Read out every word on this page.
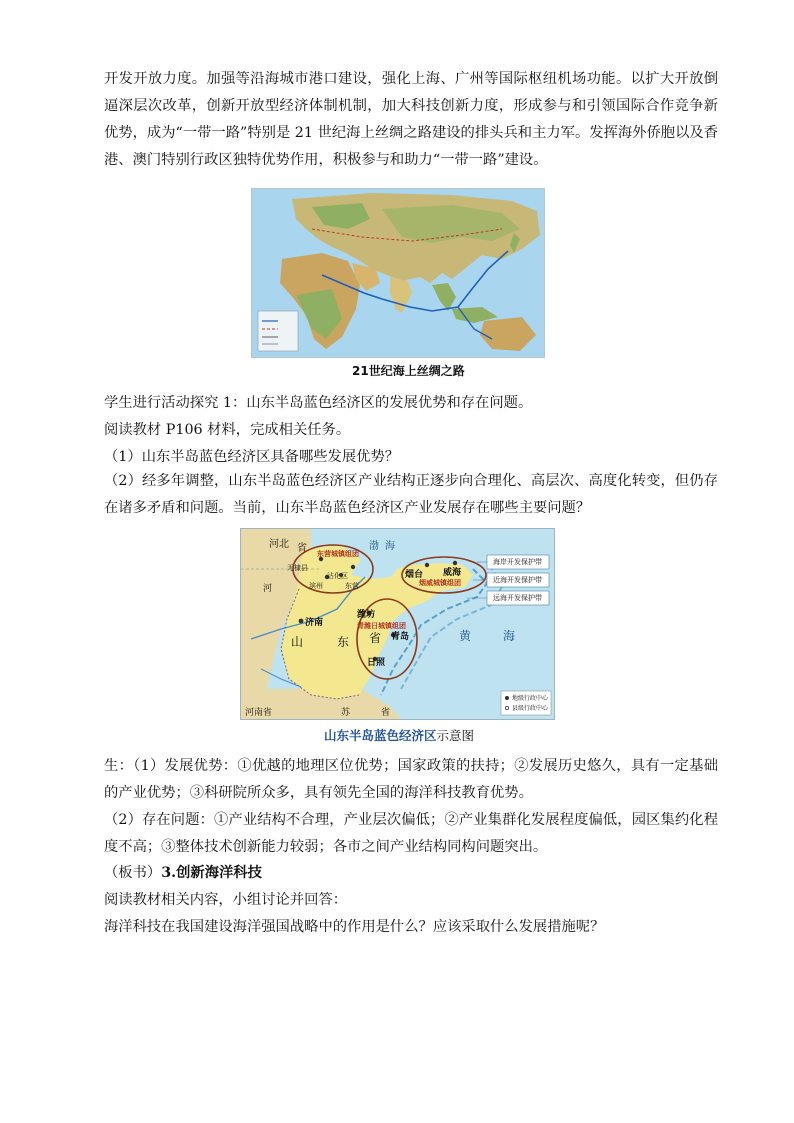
开发开放力度。加强等沿海城市港口建设，强化上海、广州等国际枢纽机场功能。以扩大开放倒逼深层次改革，创新开放型经济体制机制，加大科技创新力度，形成参与和引领国际合作竞争新优势，成为“一带一路”特别是 21 世纪海上丝绸之路建设的排头兵和主力军。发挥海外侨胞以及香港、澳门特别行政区独特优势作用，积极参与和助力“一带一路”建设。

21世纪海上丝绸之路

学生进行活动探究 1：山东半岛蓝色经济区的发展优势和存在问题。

阅读教材 P106 材料，完成相关任务。

（1）山东半岛蓝色经济区具备哪些发展优势？

（2）经多年调整，山东半岛蓝色经济区产业结构正逐步向合理化、高层次、高度化转变，但仍存在诸多矛盾和问题。当前，山东半岛蓝色经济区产业发展存在哪些主要问题？

河北 省	渤海
东营城镇组团
无棣县
沾化区
滨州	东营
济南
山	东 省
烟台 威海
烟威城镇组团
潍坊
青潍日城镇组团
青岛
日照
黄	海
河
河南省	苏	省
海岸开发保护带
近海开发保护带
远海开发保护带
地级行政中心
县级行政中心
山东半岛蓝色经济区示意图

生：（1）发展优势：①优越的地理区位优势；国家政策的扶持；②发展历史悠久，具有一定基础的产业优势；③科研院所众多，具有领先全国的海洋科技教育优势。

（2）存在问题：①产业结构不合理，产业层次偏低；②产业集群化发展程度偏低，园区集约化程度不高；③整体技术创新能力较弱；各市之间产业结构同构问题突出。

（板书）3.创新海洋科技

阅读教材相关内容，小组讨论并回答：

海洋科技在我国建设海洋强国战略中的作用是什么？应该采取什么发展措施呢？
